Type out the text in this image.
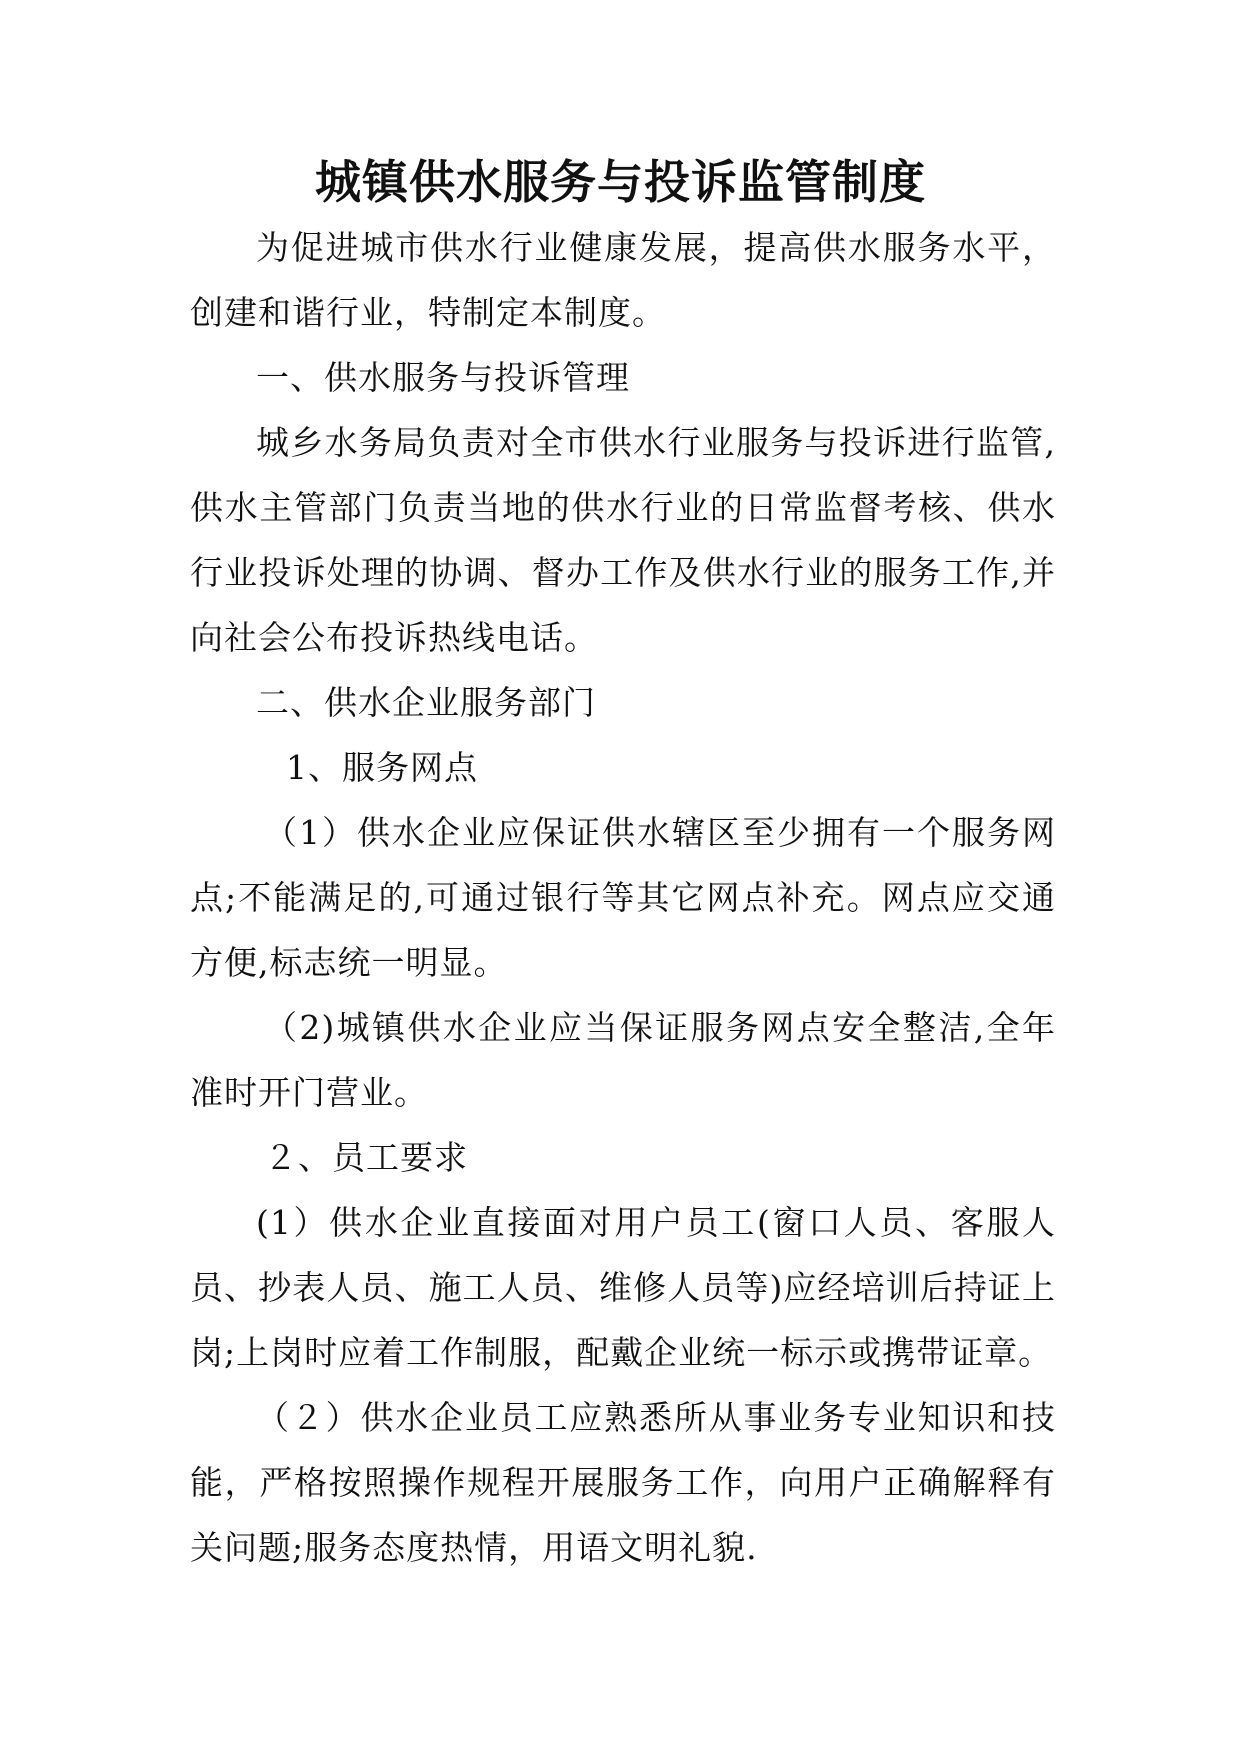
城镇供水服务与投诉监管制度

为促进城市供水行业健康发展，提高供水服务水平，创建和谐行业，特制定本制度。

一、供水服务与投诉管理

城乡水务局负责对全市供水行业服务与投诉进行监管,供水主管部门负责当地的供水行业的日常监督考核、供水行业投诉处理的协调、督办工作及供水行业的服务工作,并向社会公布投诉热线电话。

二、供水企业服务部门

1、服务网点

（1）供水企业应保证供水辖区至少拥有一个服务网点;不能满足的,可通过银行等其它网点补充。网点应交通方便,标志统一明显。

（2)城镇供水企业应当保证服务网点安全整洁,全年准时开门营业。

２、员工要求

(1）供水企业直接面对用户员工(窗口人员、客服人员、抄表人员、施工人员、维修人员等)应经培训后持证上岗;上岗时应着工作制服，配戴企业统一标示或携带证章。

（２）供水企业员工应熟悉所从事业务专业知识和技能，严格按照操作规程开展服务工作，向用户正确解释有关问题;服务态度热情，用语文明礼貌.
